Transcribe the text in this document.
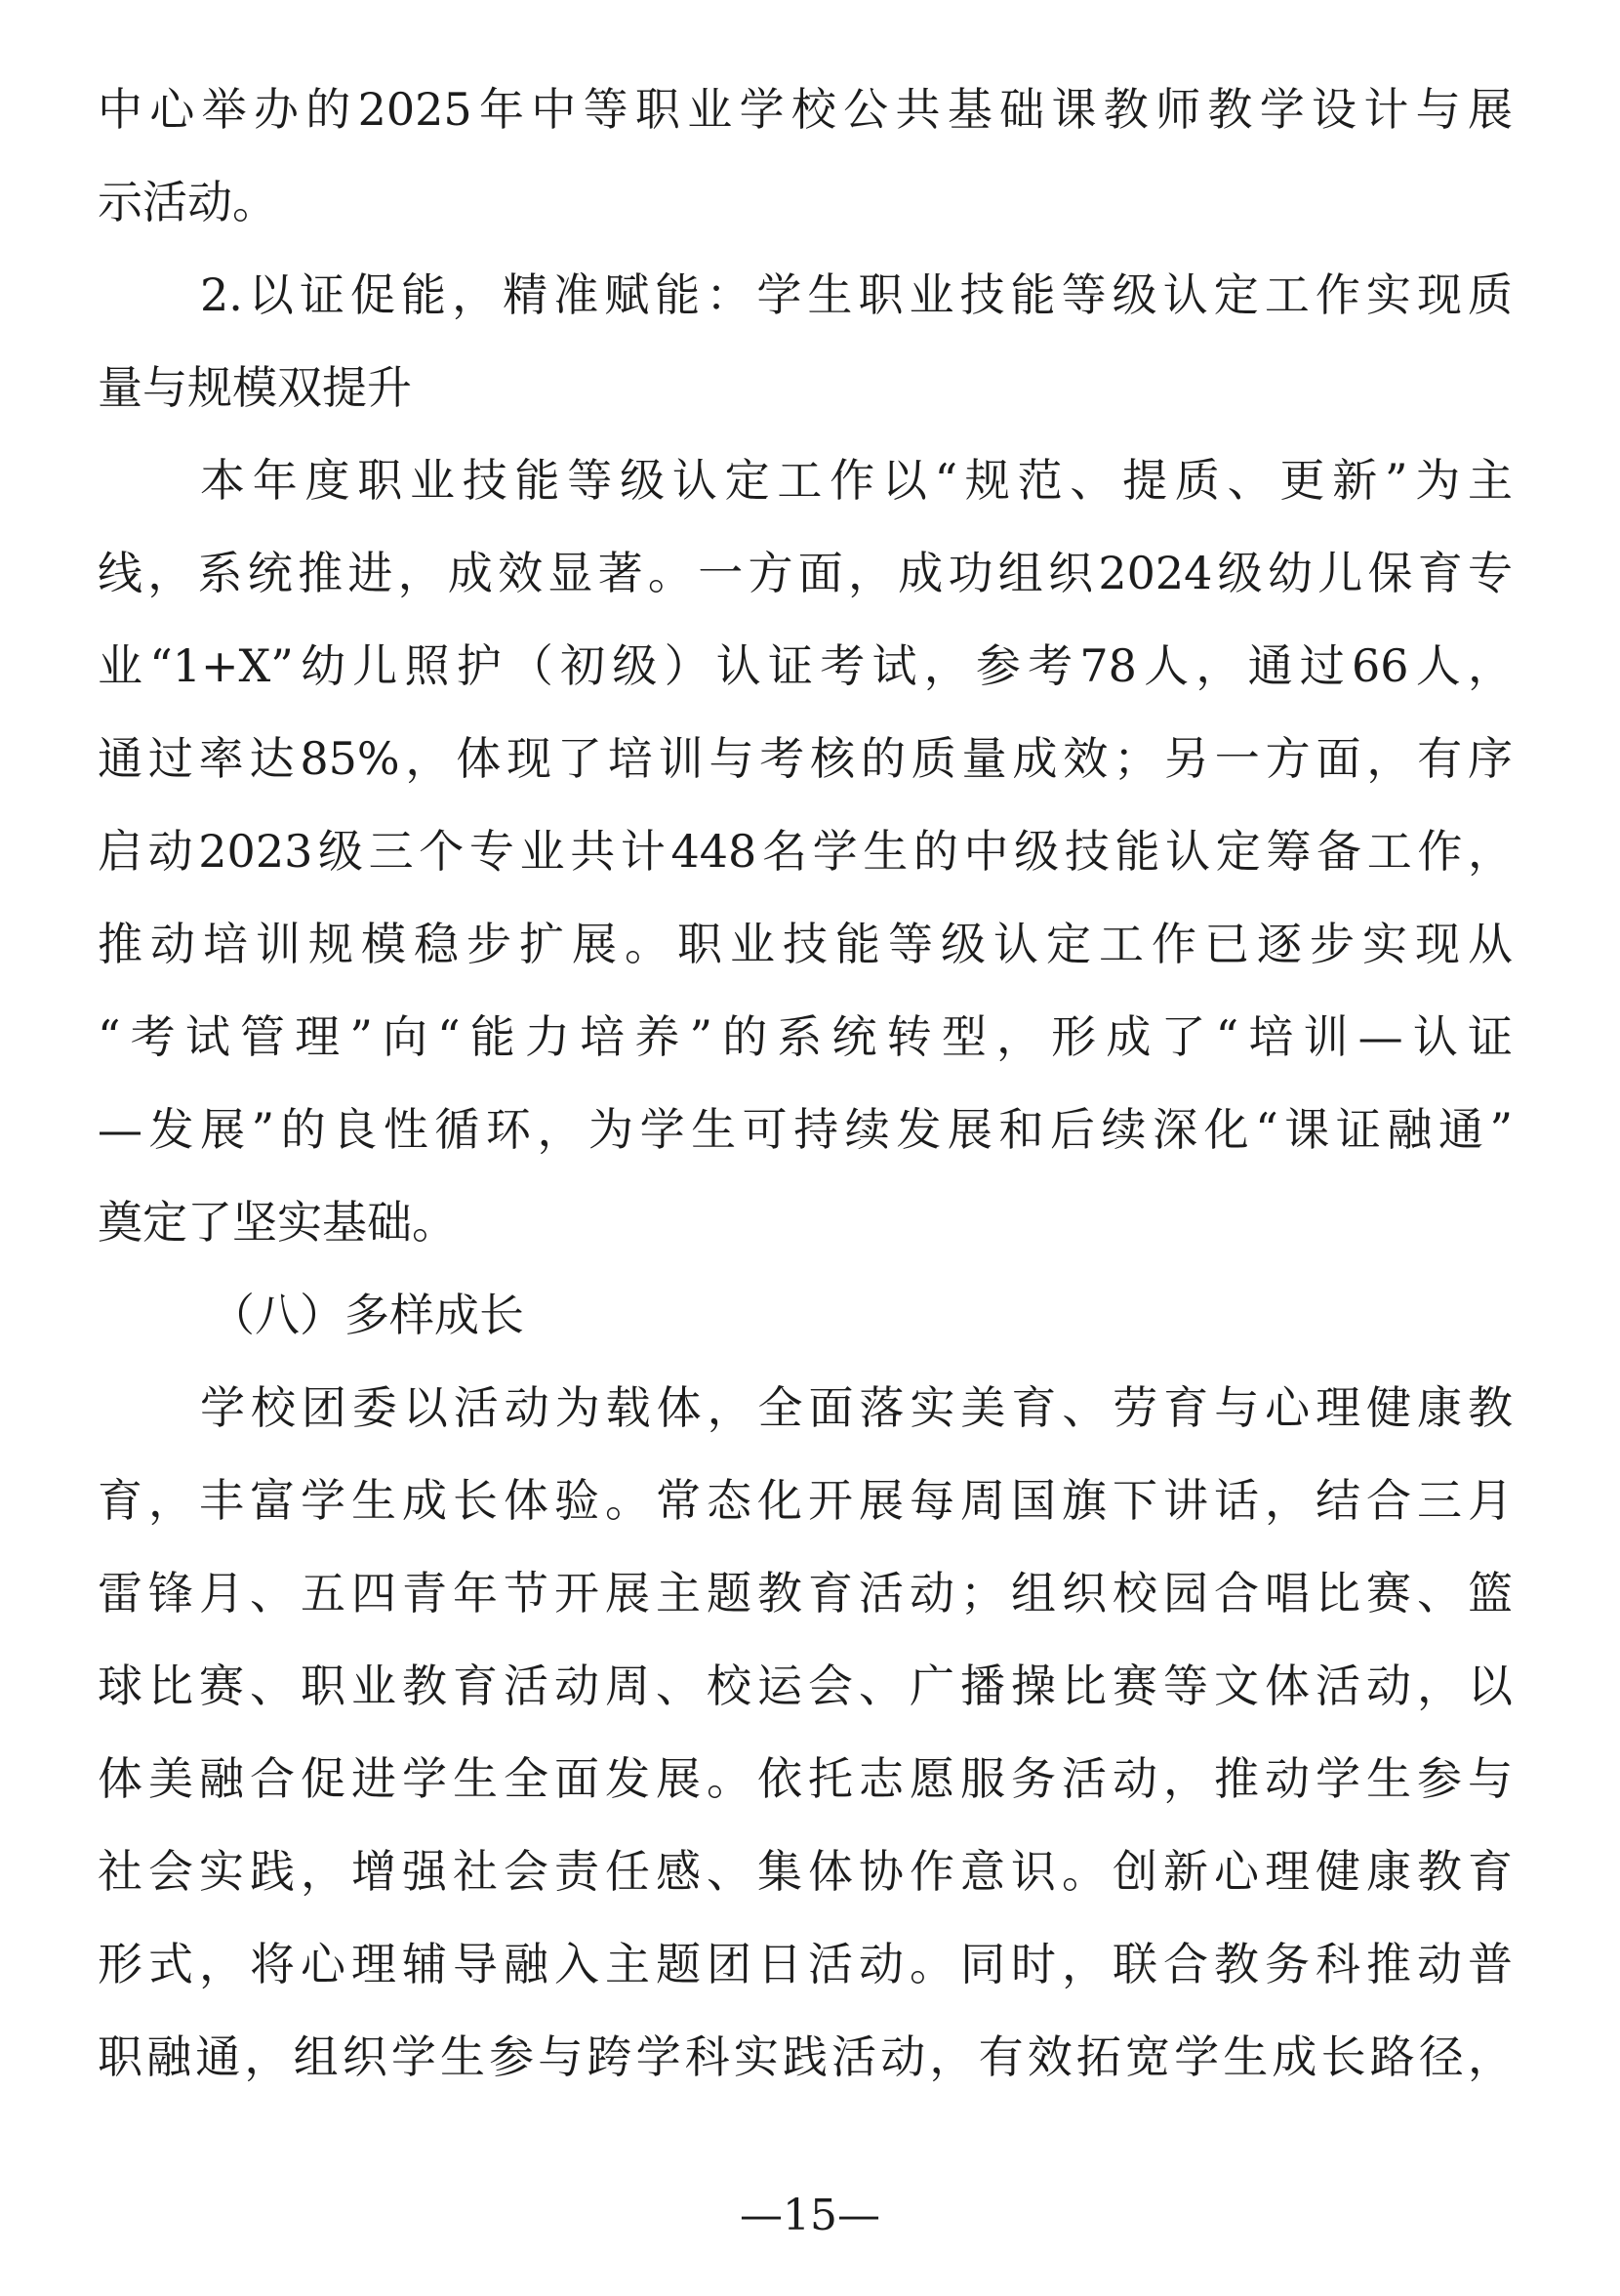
中心举办的2025年中等职业学校公共基础课教师教学设计与展
示活动。
2.以证促能，精准赋能：学生职业技能等级认定工作实现质
量与规模双提升
本年度职业技能等级认定工作以“规范、提质、更新”为主
线，系统推进，成效显著。一方面，成功组织2024级幼儿保育专
业“1+X”幼儿照护（初级）认证考试，参考78人，通过66人，
通过率达85%，体现了培训与考核的质量成效；另一方面，有序
启动2023级三个专业共计448名学生的中级技能认定筹备工作，
推动培训规模稳步扩展。职业技能等级认定工作已逐步实现从
“考试管理”向“能力培养”的系统转型，形成了“培训—认证
—发展”的良性循环，为学生可持续发展和后续深化“课证融通”
奠定了坚实基础。
（八）多样成长
学校团委以活动为载体，全面落实美育、劳育与心理健康教
育，丰富学生成长体验。常态化开展每周国旗下讲话，结合三月
雷锋月、五四青年节开展主题教育活动；组织校园合唱比赛、篮
球比赛、职业教育活动周、校运会、广播操比赛等文体活动，以
体美融合促进学生全面发展。依托志愿服务活动，推动学生参与
社会实践，增强社会责任感、集体协作意识。创新心理健康教育
形式，将心理辅导融入主题团日活动。同时，联合教务科推动普
职融通，组织学生参与跨学科实践活动，有效拓宽学生成长路径，
—15—
